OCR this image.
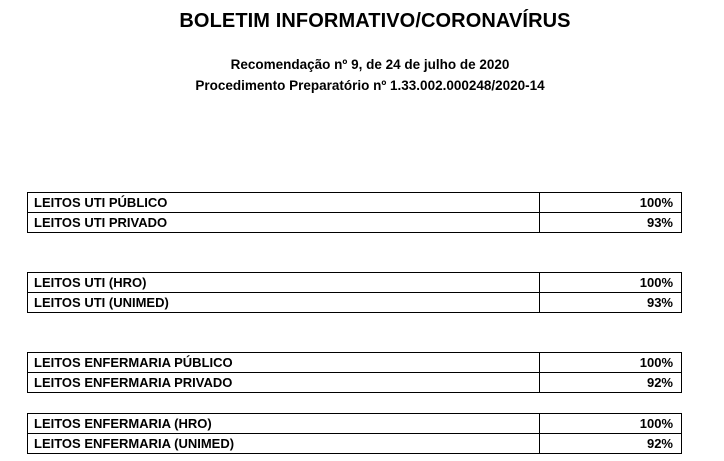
BOLETIM INFORMATIVO/CORONAVÍRUS
Recomendação nº 9, de 24 de julho de 2020
Procedimento Preparatório nº 1.33.002.000248/2020-14
LEITOS UTI PÚBLICO	100%
LEITOS UTI PRIVADO	93%
LEITOS UTI (HRO)	100%
LEITOS UTI (UNIMED)	93%
LEITOS ENFERMARIA PÚBLICO	100%
LEITOS ENFERMARIA PRIVADO	92%
LEITOS ENFERMARIA (HRO)	100%
LEITOS ENFERMARIA (UNIMED)	92%
